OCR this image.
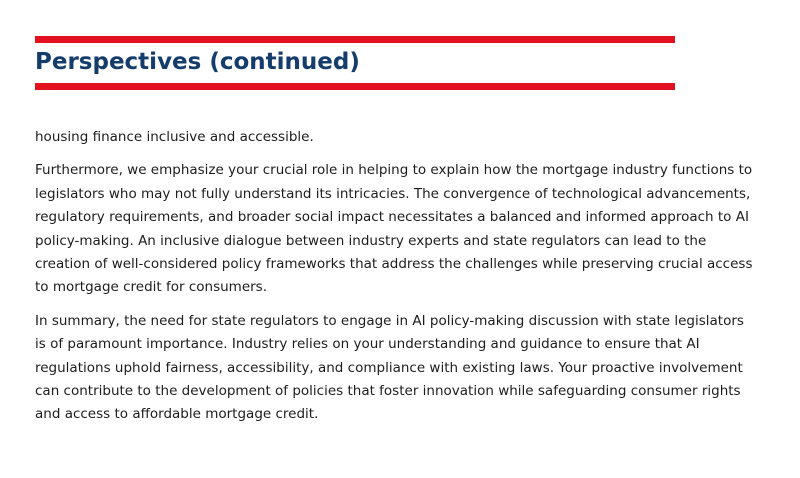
Perspectives (continued)

housing finance inclusive and accessible.

Furthermore, we emphasize your crucial role in helping to explain how the mortgage industry functions to legislators who may not fully understand its intricacies. The convergence of technological advancements, regulatory requirements, and broader social impact necessitates a balanced and informed approach to AI policy-making. An inclusive dialogue between industry experts and state regulators can lead to the creation of well-considered policy frameworks that address the challenges while preserving crucial access to mortgage credit for consumers.

In summary, the need for state regulators to engage in AI policy-making discussion with state legislators is of paramount importance. Industry relies on your understanding and guidance to ensure that AI regulations uphold fairness, accessibility, and compliance with existing laws. Your proactive involvement can contribute to the development of policies that foster innovation while safeguarding consumer rights and access to affordable mortgage credit.
